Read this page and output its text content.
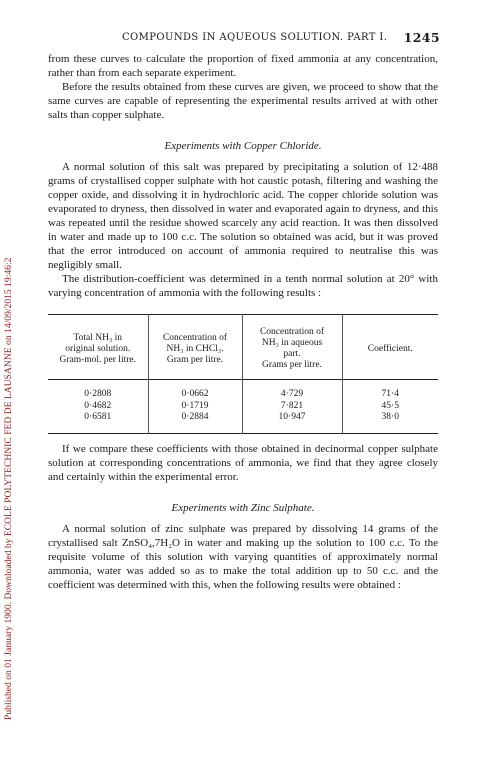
Published on 01 January 1900. Downloaded by ECOLE POLYTECHNIC FED DE LAUSANNE on 14/09/2015 19:46:2
COMPOUNDS IN AQUEOUS SOLUTION. PART I. 1245

from these curves to calculate the proportion of fixed ammonia at any concentration, rather than from each separate experiment.

Before the results obtained from these curves are given, we proceed to show that the same curves are capable of representing the experimental results arrived at with other salts than copper sulphate.

Experiments with Copper Chloride.

A normal solution of this salt was prepared by precipitating a solution of 12·488 grams of crystallised copper sulphate with hot caustic potash, filtering and washing the copper oxide, and dissolving it in hydrochloric acid. The copper chloride solution was evaporated to dryness, then dissolved in water and evaporated again to dryness, and this was repeated until the residue showed scarcely any acid reaction. It was then dissolved in water and made up to 100 c.c. The solution so obtained was acid, but it was proved that the error introduced on account of ammonia required to neutralise this was negligibly small.

The distribution-coefficient was determined in a tenth normal solution at 20° with varying concentration of ammonia with the following results :

Total NH₃ in
original solution.
Gram-mol. per litre.	Concentration of
NH₃ in CHCl₃.
Gram per litre.	Concentration of
NH₃ in aqueous
part.
Grams per litre.	Coefficient.

0·2808	0·0662	4·729	71·4
0·4682	0·1719	7·821	45·5
0·6581	0·2884	10·947	38·0

If we compare these coefficients with those obtained in decinormal copper sulphate solution at corresponding concentrations of ammonia, we find that they agree closely and certainly within the experimental error.

Experiments with Zinc Sulphate.

A normal solution of zinc sulphate was prepared by dissolving 14 grams of the crystallised salt ZnSO₄,7H₂O in water and making up the solution to 100 c.c. To the requisite volume of this solution with varying quantities of approximately normal ammonia, water was added so as to make the total addition up to 50 c.c. and the coefficient was determined with this, when the following results were obtained :
